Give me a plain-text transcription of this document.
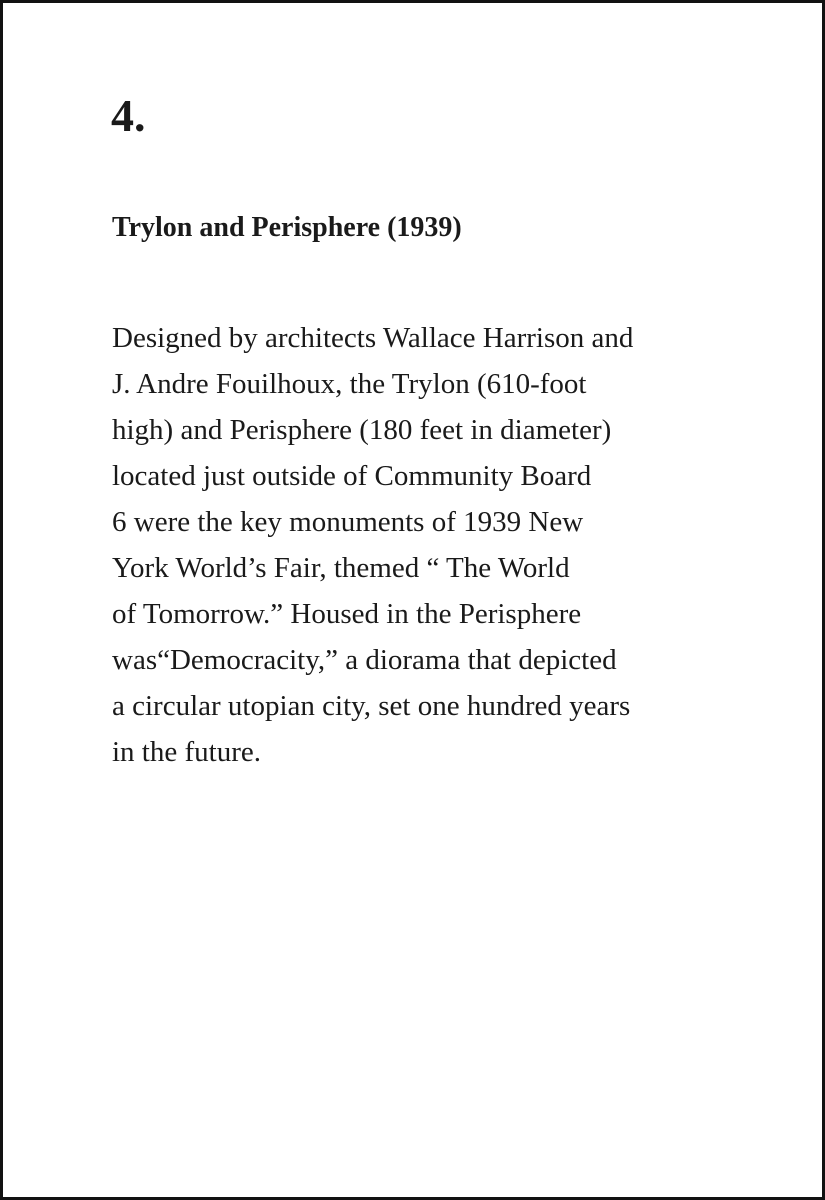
4.
Trylon and Perisphere (1939)

Designed by architects Wallace Harrison and
J. Andre Fouilhoux, the Trylon (610-foot
high) and Perisphere (180 feet in diameter)
located just outside of Community Board
6 were the key monuments of 1939 New
York World’s Fair, themed “ The World
of Tomorrow.” Housed in the Perisphere
was“Democracity,” a diorama that depicted
a circular utopian city, set one hundred years
in the future.
